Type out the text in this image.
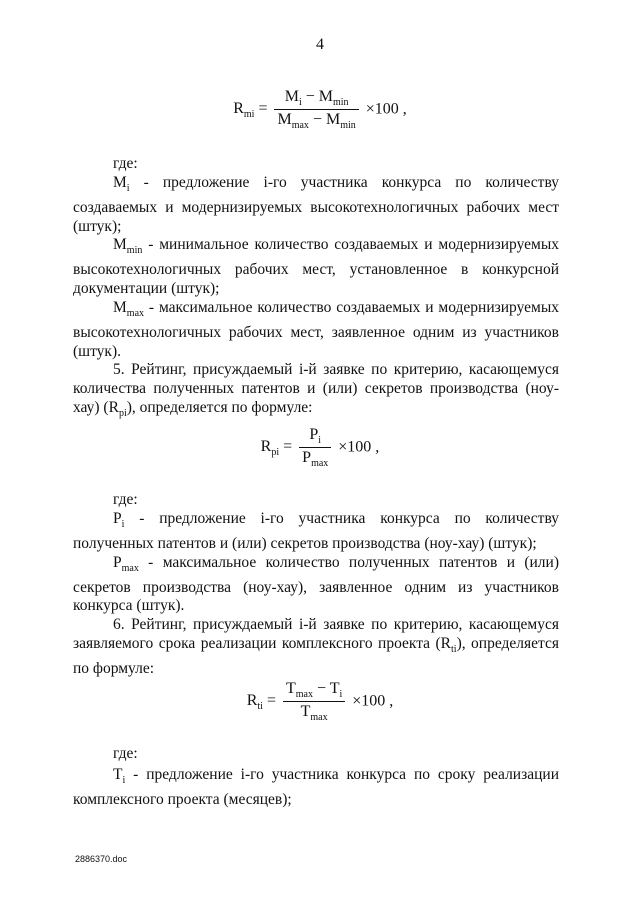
4
$R_{mi} = \frac{M_i - M_{min}}{M_{max} - M_{min}} \times 100$ ,
где:

$M_i$ - предложение i-го участника конкурса по количеству создаваемых и модернизируемых высокотехнологичных рабочих мест (штук);

$M_{min}$ - минимальное количество создаваемых и модернизируемых высокотехнологичных рабочих мест, установленное в конкурсной документации (штук);

$M_{max}$ - максимальное количество создаваемых и модернизируемых высокотехнологичных рабочих мест, заявленное одним из участников (штук).

5. Рейтинг, присуждаемый i-й заявке по критерию, касающемуся количества полученных патентов и (или) секретов производства (ноу-хау) $(R_{pi})$, определяется по формуле:

$R_{pi} = \frac{P_i}{P_{max}} \times 100$ ,
где:

$P_i$ - предложение i-го участника конкурса по количеству полученных патентов и (или) секретов производства (ноу-хау) (штук);

$P_{max}$ - максимальное количество полученных патентов и (или) секретов производства (ноу-хау), заявленное одним из участников конкурса (штук).

6. Рейтинг, присуждаемый i-й заявке по критерию, касающемуся заявляемого срока реализации комплексного проекта $(R_{ti})$, определяется по формуле:

$R_{ti} = \frac{T_{max} - T_i}{T_{max}} \times 100$ ,
где:

$T_i$ - предложение i-го участника конкурса по сроку реализации комплексного проекта (месяцев);

2886370.doc
